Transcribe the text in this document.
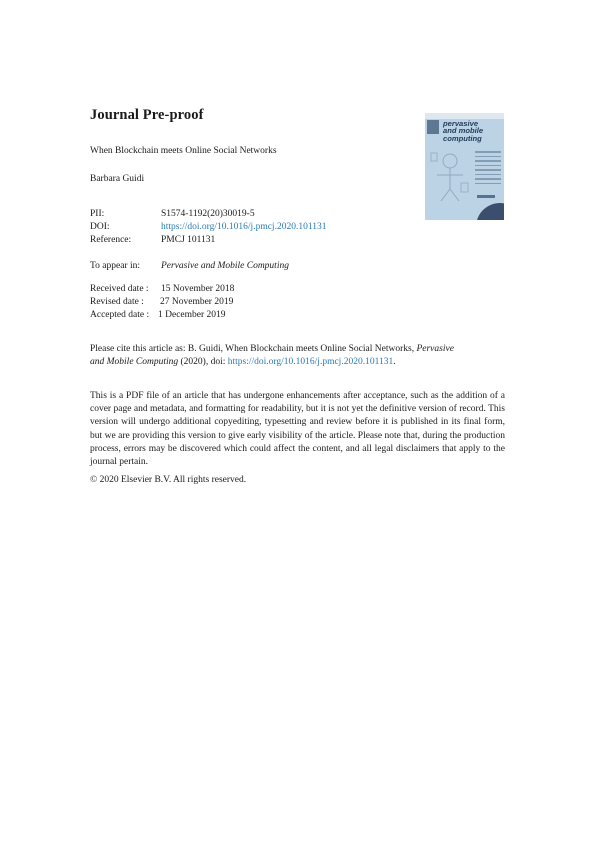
Journal Pre-proof
When Blockchain meets Online Social Networks
Barbara Guidi
pervasive
and mobile
computing
PII:	S1574-1192(20)30019-5
DOI:	https://doi.org/10.1016/j.pmcj.2020.101131
Reference:	PMCJ 101131
To appear in: Pervasive and Mobile Computing
Received date : 15 November 2018
Revised date : 27 November 2019
Accepted date : 1 December 2019
Please cite this article as: B. Guidi, When Blockchain meets Online Social Networks, Pervasive
and Mobile Computing (2020), doi: https://doi.org/10.1016/j.pmcj.2020.101131.
This is a PDF file of an article that has undergone enhancements after acceptance, such as the addition of a cover page and metadata, and formatting for readability, but it is not yet the definitive version of record. This version will undergo additional copyediting, typesetting and review before it is published in its final form, but we are providing this version to give early visibility of the article. Please note that, during the production process, errors may be discovered which could affect the content, and all legal disclaimers that apply to the journal pertain.
© 2020 Elsevier B.V. All rights reserved.
